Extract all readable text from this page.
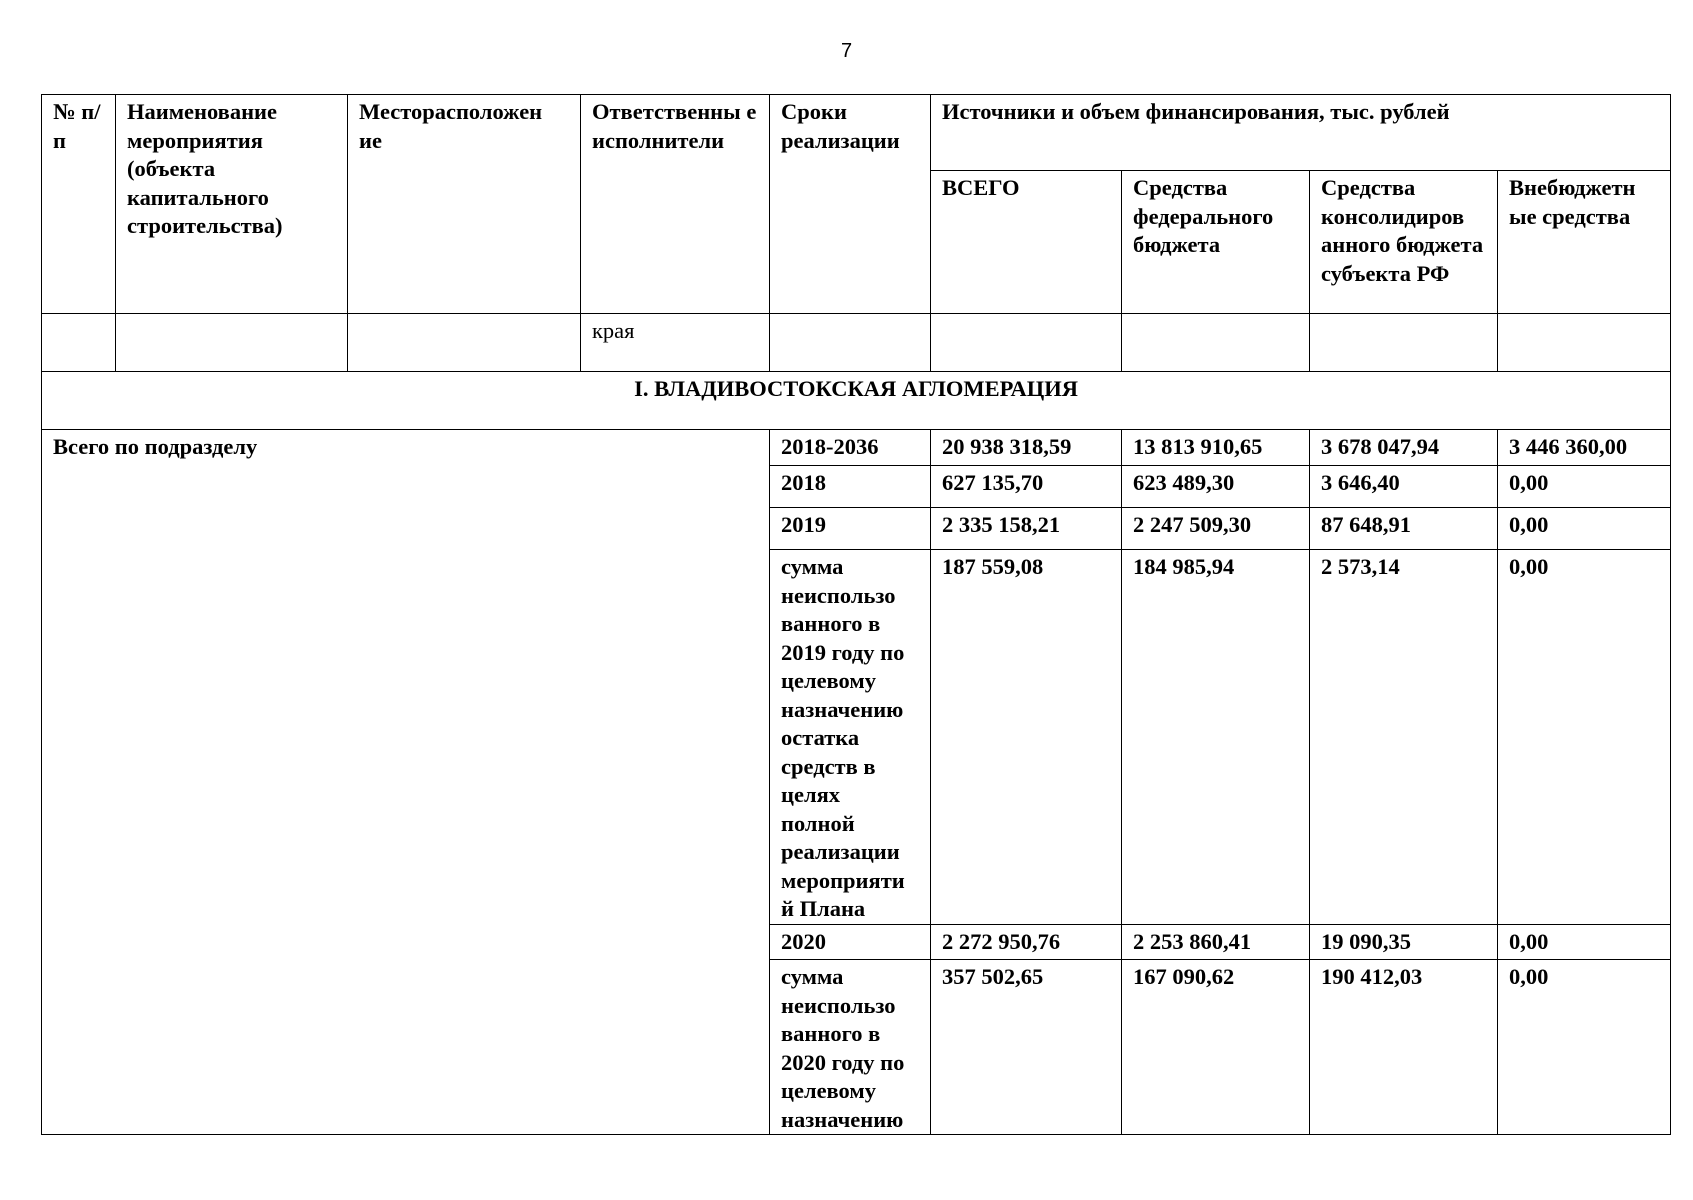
7
№ п/п	Наименование мероприятия (объекта капитального строительства)	Месторасположен ие	Ответственны е исполнители	Сроки реализации	Источники и объем финансирования, тыс. рублей			
					ВСЕГО	Средства федерального бюджета	Средства консолидиров анного бюджета субъекта РФ	Внебюджетн ые средства
			края					
I. ВЛАДИВОСТОКСКАЯ АГЛОМЕРАЦИЯ								
Всего по подразделу				2018-2036	20 938 318,59	13 813 910,65	3 678 047,94	3 446 360,00
				2018	627 135,70	623 489,30	3 646,40	0,00
				2019	2 335 158,21	2 247 509,30	87 648,91	0,00
				сумма неиспользо ванного в 2019 году по целевому назначению остатка средств в целях полной реализации мероприяти й Плана	187 559,08	184 985,94	2 573,14	0,00
				2020	2 272 950,76	2 253 860,41	19 090,35	0,00
				сумма неиспользо ванного в 2020 году по целевому назначению	357 502,65	167 090,62	190 412,03	0,00
